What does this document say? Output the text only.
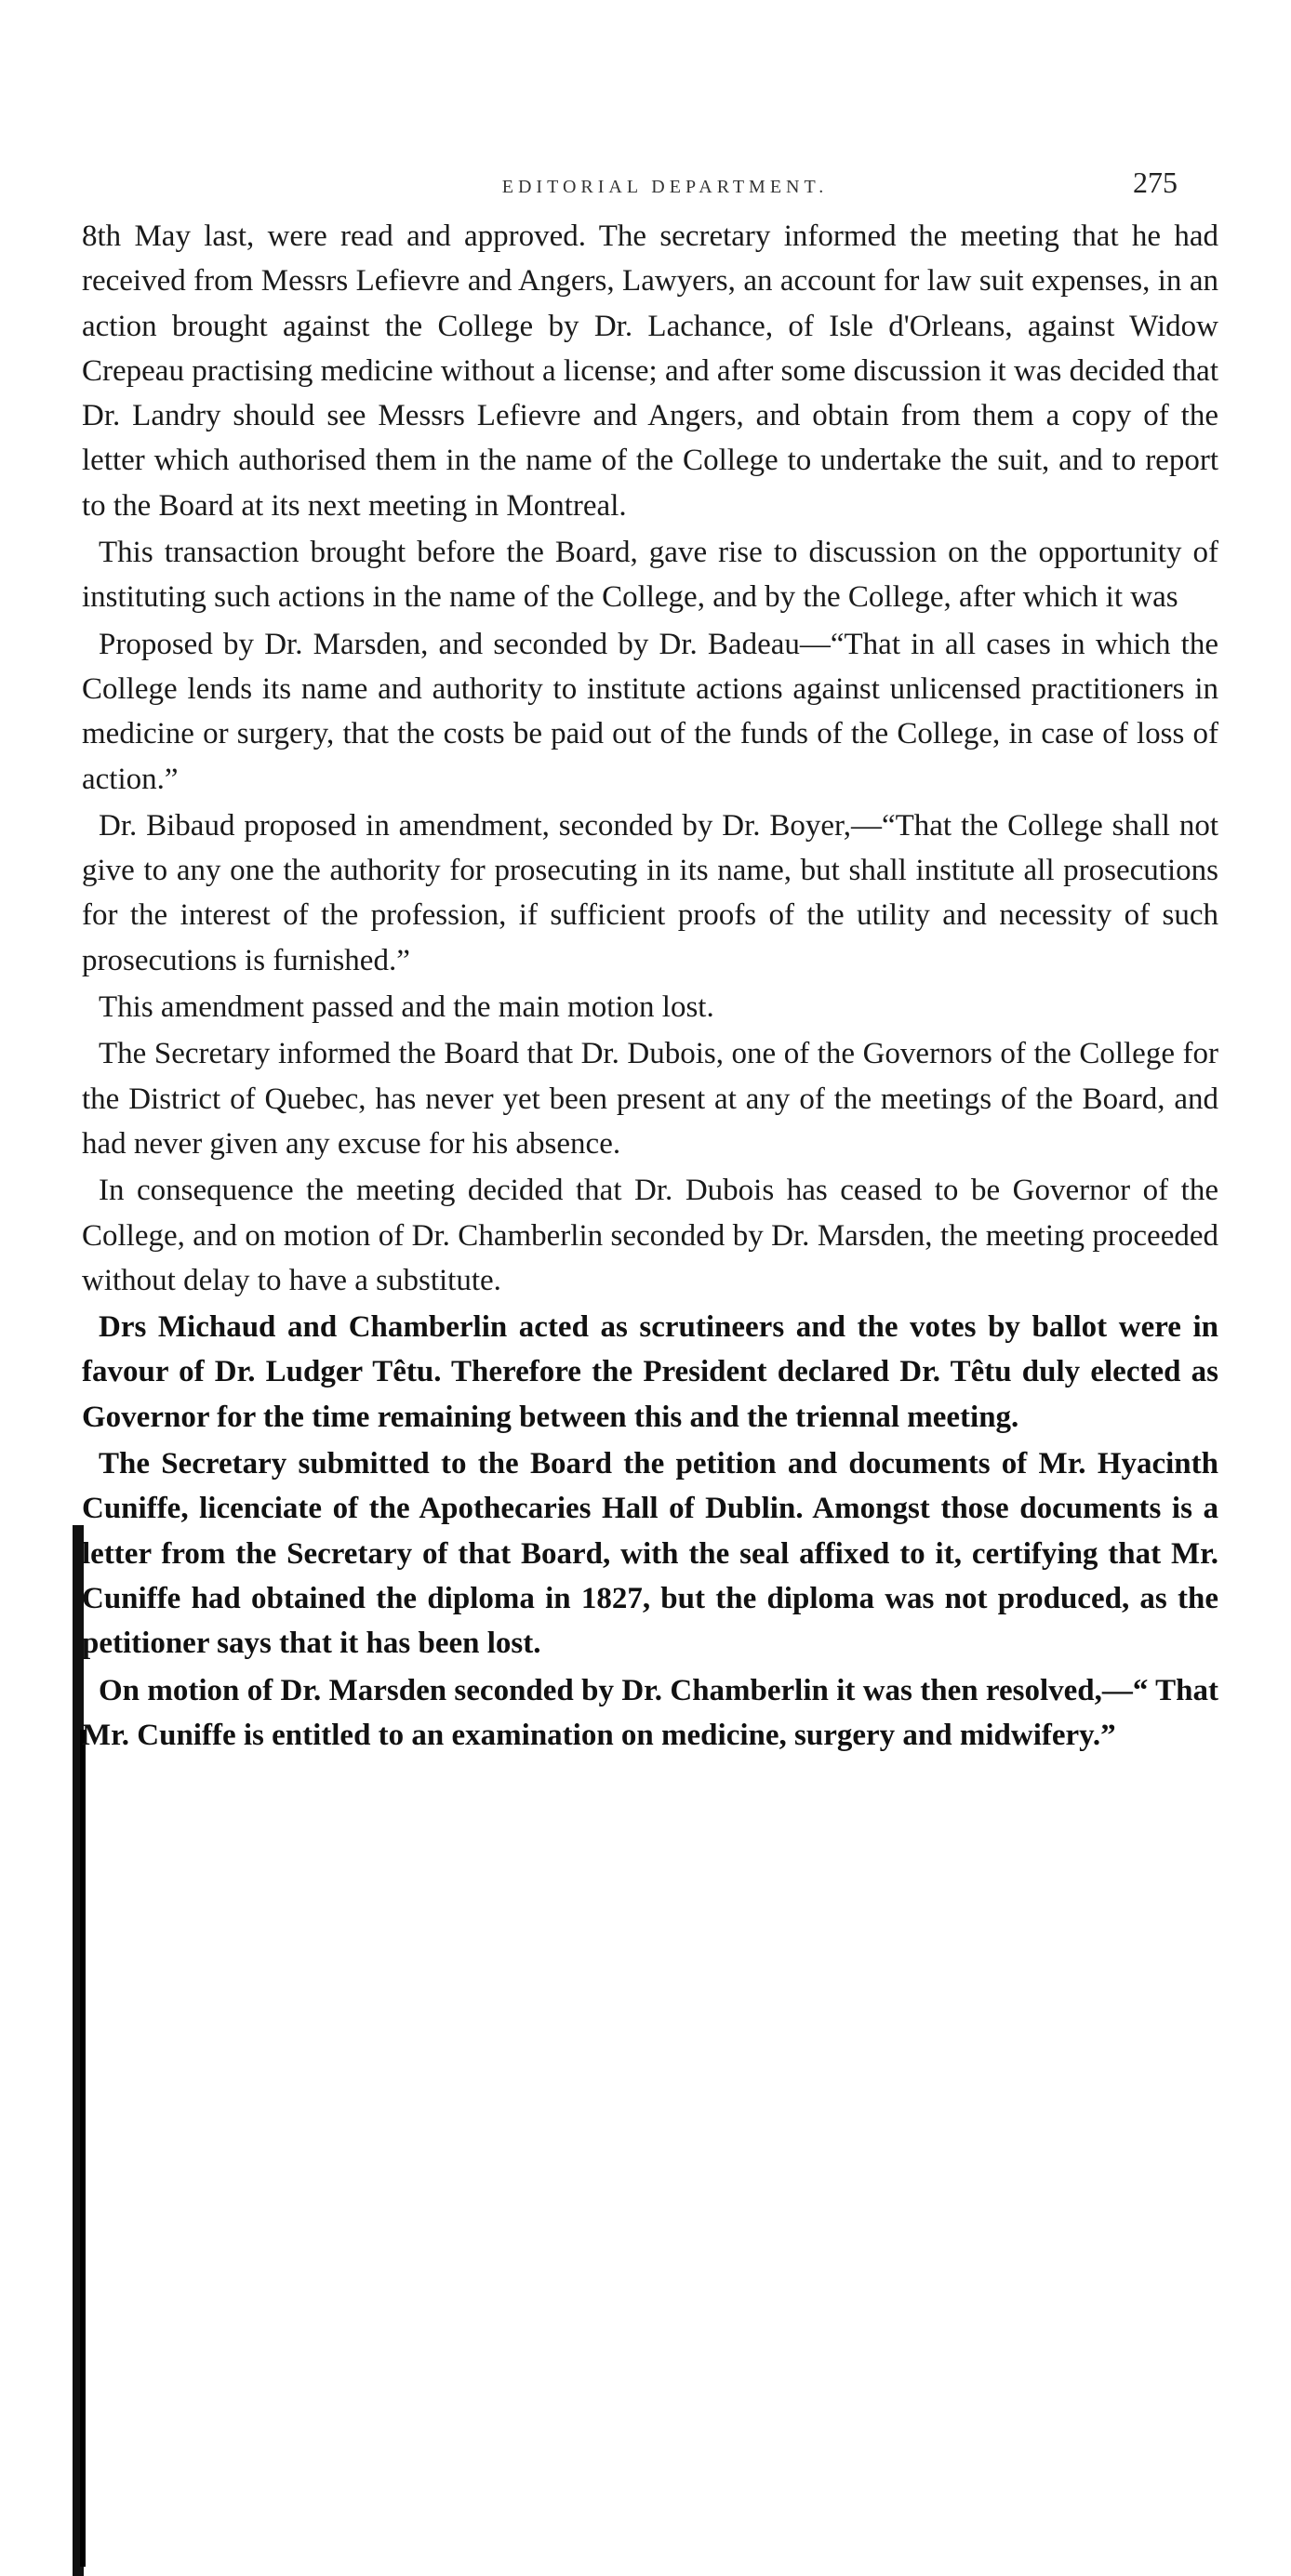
EDITORIAL DEPARTMENT.	275

8th May last, were read and approved. The secretary informed the meeting that he had received from Messrs Lefievre and Angers, Lawyers, an account for law suit expenses, in an action brought against the College by Dr. Lachance, of Isle d'Orleans, against Widow Crepeau practising medicine without a license; and after some discussion it was decided that Dr. Landry should see Messrs Lefievre and Angers, and obtain from them a copy of the letter which authorised them in the name of the College to undertake the suit, and to report to the Board at its next meeting in Montreal.

This transaction brought before the Board, gave rise to discussion on the opportunity of instituting such actions in the name of the College, and by the College, after which it was

Proposed by Dr. Marsden, and seconded by Dr. Badeau—“That in all cases in which the College lends its name and authority to institute actions against unlicensed practitioners in medicine or surgery, that the costs be paid out of the funds of the College, in case of loss of action.”

Dr. Bibaud proposed in amendment, seconded by Dr. Boyer,—“That the College shall not give to any one the authority for prosecuting in its name, but shall institute all prosecutions for the interest of the profession, if sufficient proofs of the utility and necessity of such prosecutions is furnished.”

This amendment passed and the main motion lost.

The Secretary informed the Board that Dr. Dubois, one of the Governors of the College for the District of Quebec, has never yet been present at any of the meetings of the Board, and had never given any excuse for his absence.

In consequence the meeting decided that Dr. Dubois has ceased to be Governor of the College, and on motion of Dr. Chamberlin seconded by Dr. Marsden, the meeting proceeded without delay to have a substitute.

Drs Michaud and Chamberlin acted as scrutineers and the votes by ballot were in favour of Dr. Ludger Têtu. Therefore the President declared Dr. Têtu duly elected as Governor for the time remaining between this and the triennal meeting.

The Secretary submitted to the Board the petition and documents of Mr. Hyacinth Cuniffe, licenciate of the Apothecaries Hall of Dublin. Amongst those documents is a letter from the Secretary of that Board, with the seal affixed to it, certifying that Mr. Cuniffe had obtained the diploma in 1827, but the diploma was not produced, as the petitioner says that it has been lost.

On motion of Dr. Marsden seconded by Dr. Chamberlin it was then resolved,—“ That Mr. Cuniffe is entitled to an examination on medicine, surgery and midwifery.”
